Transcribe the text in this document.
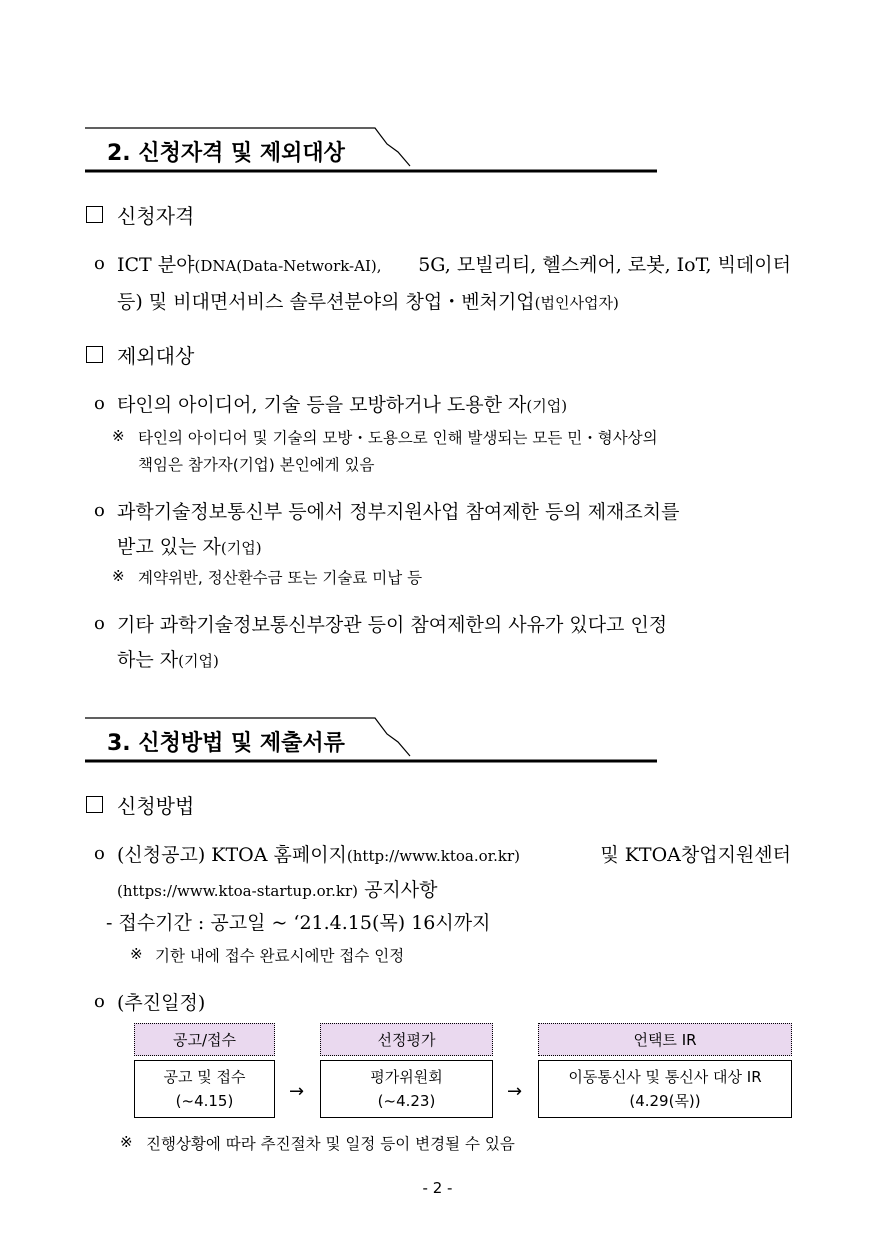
2. 신청자격 및 제외대상
신청자격
o ICT 분야(DNA(Data-Network-AI), 5G, 모빌리티, 헬스케어, 로봇, IoT, 빅데이터
등) 및 비대면서비스 솔루션분야의 창업・벤처기업(법인사업자)
제외대상
o 타인의 아이디어, 기술 등을 모방하거나 도용한 자(기업)
※ 타인의 아이디어 및 기술의 모방・도용으로 인해 발생되는 모든 민・형사상의
책임은 참가자(기업) 본인에게 있음
o 과학기술정보통신부 등에서 정부지원사업 참여제한 등의 제재조치를
받고 있는 자(기업)
※ 계약위반, 정산환수금 또는 기술료 미납 등
o 기타 과학기술정보통신부장관 등이 참여제한의 사유가 있다고 인정
하는 자(기업)
3. 신청방법 및 제출서류
신청방법
o (신청공고) KTOA 홈페이지(http://www.ktoa.or.kr)	및 KTOA창업지원센터
(https://www.ktoa-startup.or.kr) 공지사항
- 접수기간 : 공고일 ~ ‘21.4.15(목) 16시까지
※ 기한 내에 접수 완료시에만 접수 인정
o (추진일정)
공고/접수
공고 및 접수
(~4.15)	→
선정평가
평가위원회
(~4.23)	→
언택트 IR
이동통신사 및 통신사 대상 IR
(4.29(목))
※ 진행상황에 따라 추진절차 및 일정 등이 변경될 수 있음
- 2 -
